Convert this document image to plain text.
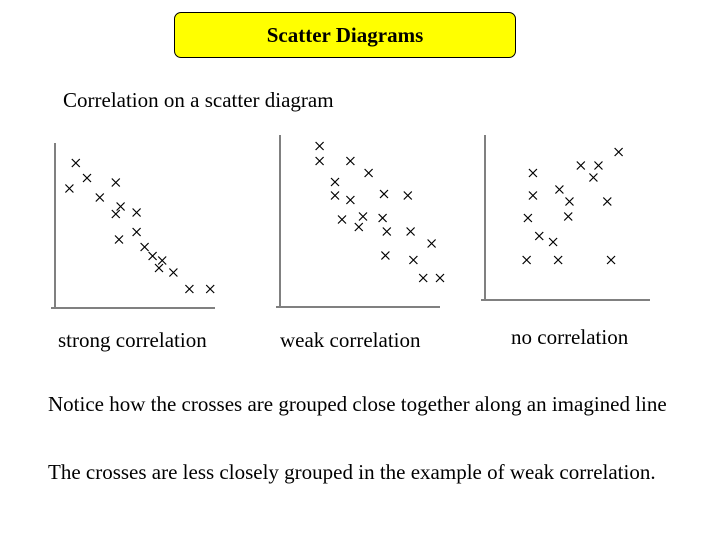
Scatter Diagrams
Correlation on a scatter diagram
strong correlation	weak correlation	no correlation
Notice how the crosses are grouped close together along an imagined line
The crosses are less closely grouped in the example of weak correlation.
